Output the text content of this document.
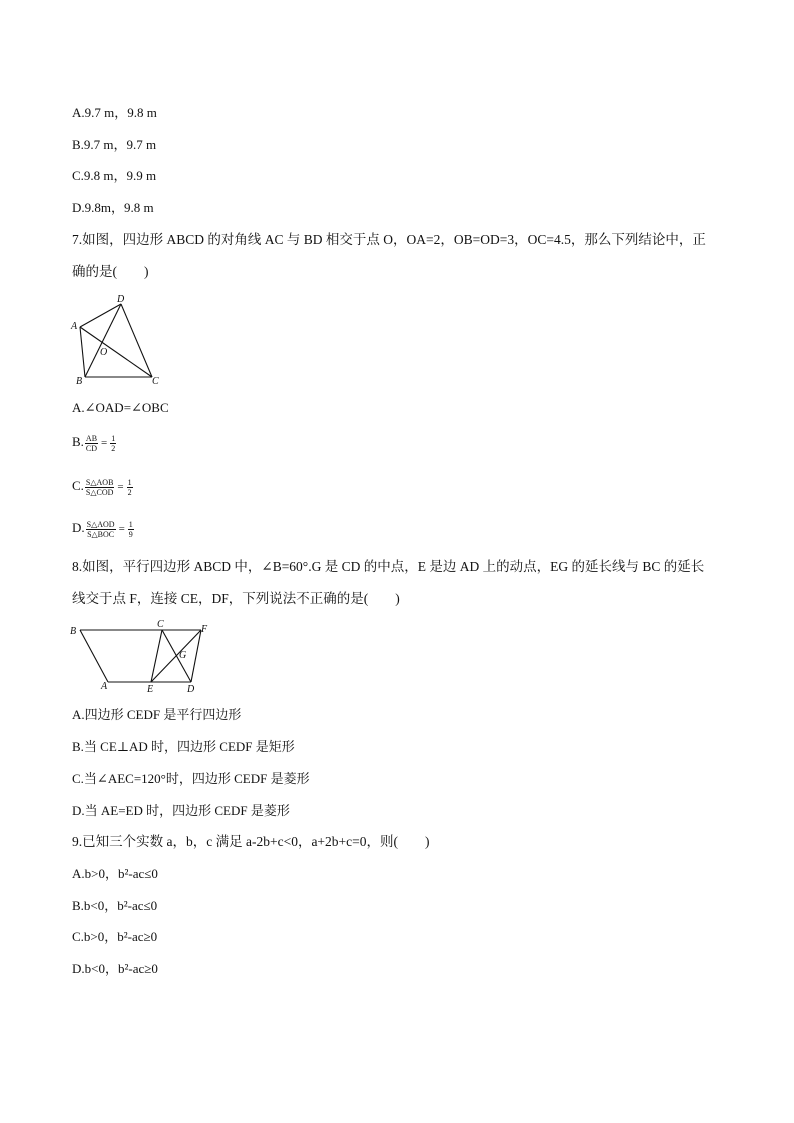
A.9.7 m，9.8 m
B.9.7 m，9.7 m
C.9.8 m，9.9 m
D.9.8m，9.8 m
7.如图，四边形 ABCD 的对角线 AC 与 BD 相交于点 O，OA=2，OB=OD=3，OC=4.5，那么下列结论中，正
确的是(　　)
D
A
O
B	C
A.∠OAD=∠OBC
B. $\frac{AB}{CD} = \frac{1}{2}$
C. $\frac{\text{S△AOB}}{\text{S△COD}} = \frac{1}{2}$
D. $\frac{\text{S△AOD}}{\text{S△BOC}} = \frac{1}{9}$
8.如图，平行四边形 ABCD 中，∠B=60°.G 是 CD 的中点，E 是边 AD 上的动点，EG 的延长线与 BC 的延长
线交于点 F，连接 CE，DF，下列说法不正确的是(　　)
B
C	F
G
A	E	D
A.四边形 CEDF 是平行四边形
B.当 CE⊥AD 时，四边形 CEDF 是矩形
C.当∠AEC=120°时，四边形 CEDF 是菱形
D.当 AE=ED 时，四边形 CEDF 是菱形
9.已知三个实数 a，b，c 满足 a-2b+c<0，a+2b+c=0，则(　　)
A.b>0，b²-ac≤0
B.b<0，b²-ac≤0
C.b>0，b²-ac≥0
D.b<0，b²-ac≥0
